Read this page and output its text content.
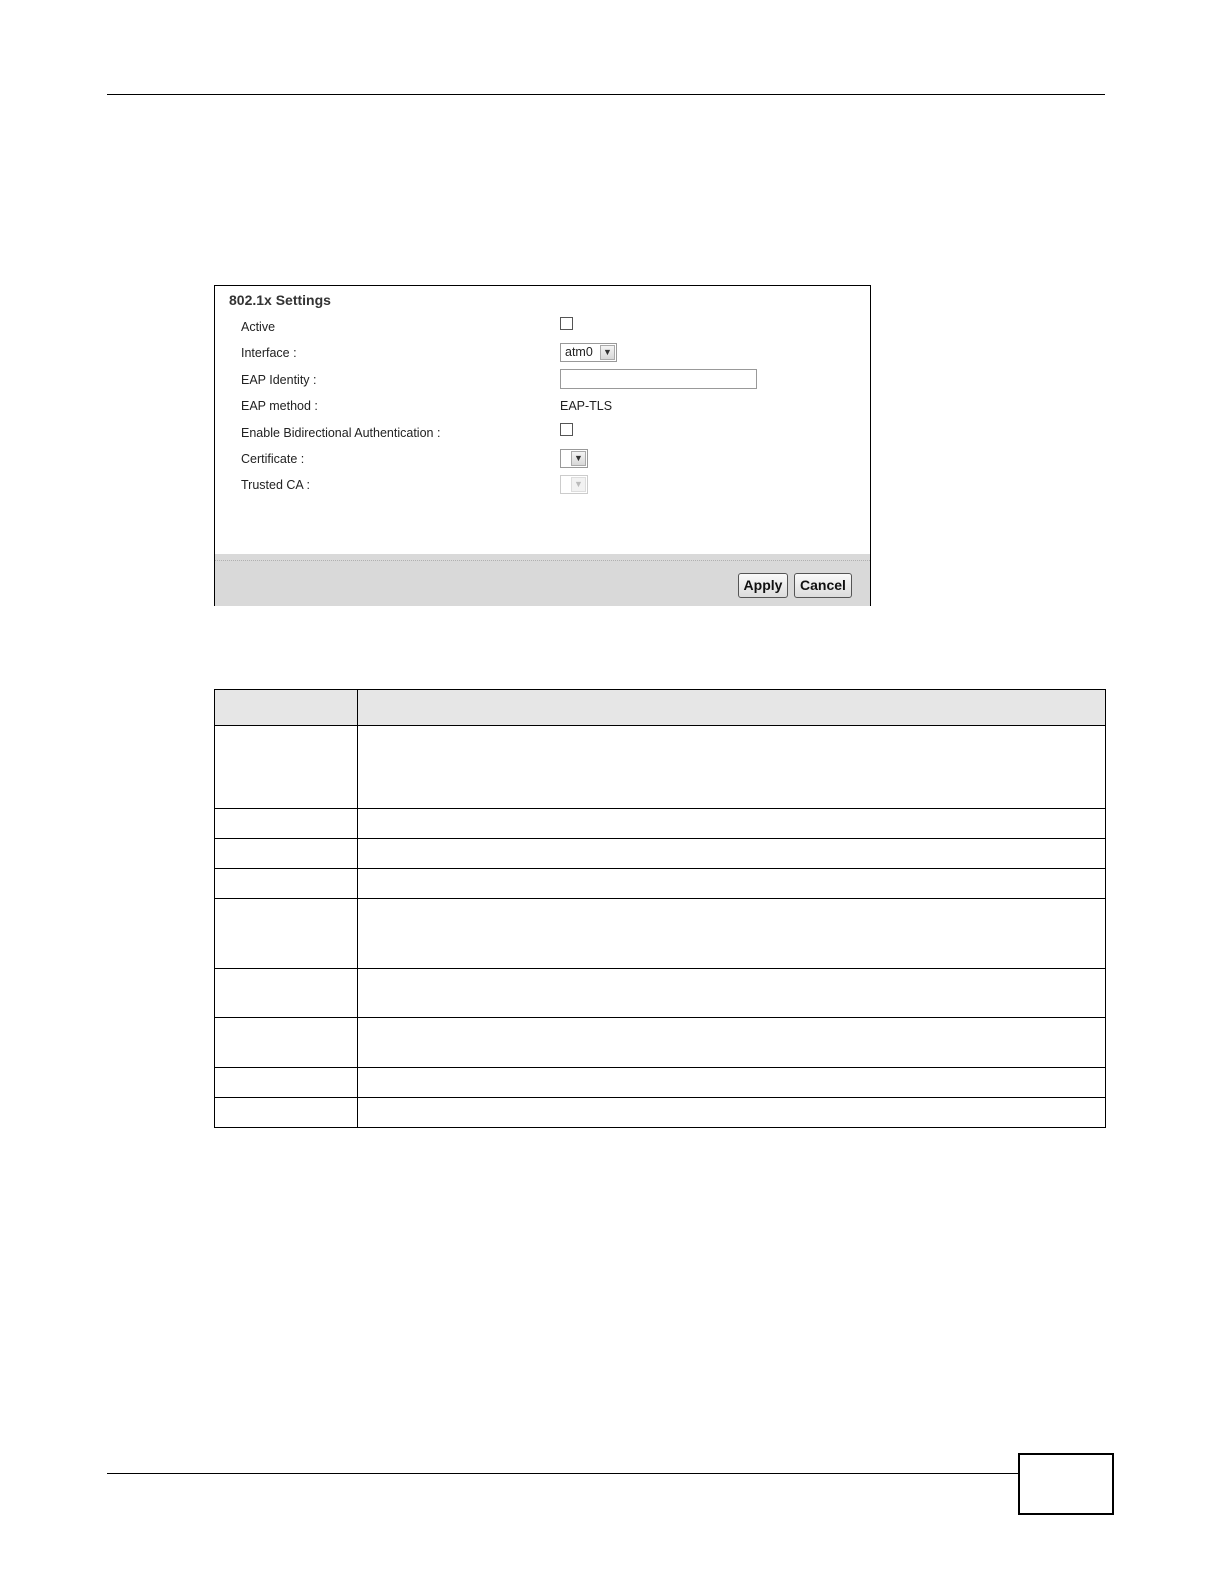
802.1x Settings
Active
Interface :	atm0	▼
EAP Identity :
EAP method :	EAP-TLS
Enable Bidirectional Authentication :
Certificate :	▼
Trusted CA :	▼
Apply	Cancel
